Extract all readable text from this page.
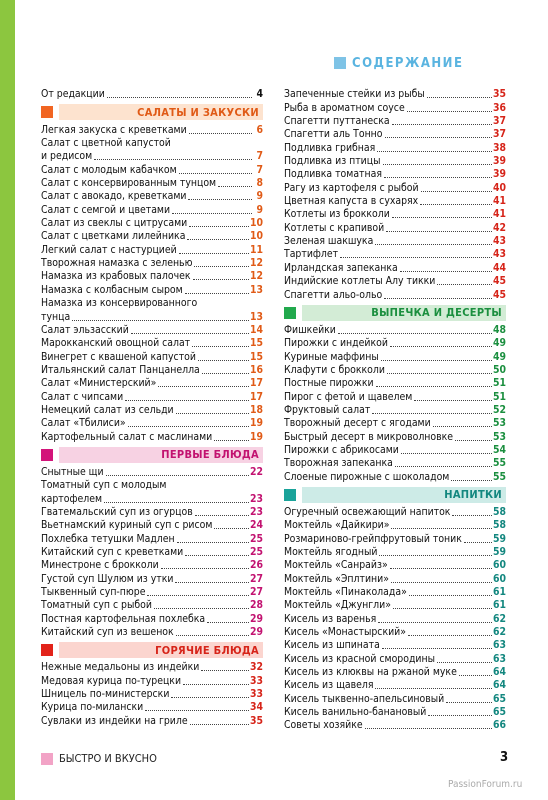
СОДЕРЖАНИЕ
От редакции	4
САЛАТЫ И ЗАКУСКИ
Легкая закуска с креветками	6
Салат с цветной капустой
и редисом	7
Салат с молодым кабачком	7
Салат с консервированным тунцом	8
Салат с авокадо, креветками	9
Салат с семгой и цветами	9
Салат из свеклы с цитрусами	10
Салат с цветками лилейника	10
Легкий салат с настурцией	11
Творожная намазка с зеленью	12
Намазка из крабовых палочек	12
Намазка с колбасным сыром	13
Намазка из консервированного
тунца	13
Салат эльзасский	14
Марокканский овощной салат	15
Винегрет с квашеной капустой	15
Итальянский салат Панцанелла	16
Салат «Министерский»	17
Салат с чипсами	17
Немецкий салат из сельди	18
Салат «Тбилиси»	19
Картофельный салат с маслинами	19
ПЕРВЫЕ БЛЮДА
Снытные щи	22
Томатный суп с молодым
картофелем	23
Гватемальский суп из огурцов	23
Вьетнамский куриный суп с рисом	24
Похлебка тетушки Мадлен	25
Китайский суп с креветками	25
Минестроне с брокколи	26
Густой суп Шулюм из утки	27
Тыквенный суп-пюре	27
Томатный суп с рыбой	28
Постная картофельная похлебка	29
Китайский суп из вешенок	29
ГОРЯЧИЕ БЛЮДА
Нежные медальоны из индейки	32
Медовая курица по-турецки	33
Шницель по-министерски	33
Курица по-милански	34
Сувлаки из индейки на гриле	35
Запеченные стейки из рыбы	35
Рыба в ароматном соусе	36
Спагетти путтанеска	37
Спагетти аль Тонно	37
Подливка грибная	38
Подливка из птицы	39
Подливка томатная	39
Рагу из картофеля с рыбой	40
Цветная капуста в сухарях	41
Котлеты из брокколи	41
Котлеты с крапивой	42
Зеленая шакшука	43
Тартифлет	43
Ирландская запеканка	44
Индийские котлеты Алу тикки	45
Спагетти альо-ольо	45
ВЫПЕЧКА И ДЕСЕРТЫ
Фишкейки	48
Пирожки с индейкой	49
Куриные маффины	49
Клафути с брокколи	50
Постные пирожки	51
Пирог с фетой и щавелем	51
Фруктовый салат	52
Творожный десерт с ягодами	53
Быстрый десерт в микроволновке	53
Пирожки с абрикосами	54
Творожная запеканка	55
Слоеные пирожные с шоколадом	55
НАПИТКИ
Огуречный освежающий напиток	58
Моктейль «Дайкири»	58
Розмариново-грейпфрутовый тоник	59
Моктейль ягодный	59
Моктейль «Санрайз»	60
Моктейль «Эплтини»	60
Моктейль «Пинаколада»	61
Моктейль «Джунгли»	61
Кисель из варенья	62
Кисель «Монастырский»	62
Кисель из шпината	63
Кисель из красной смородины	63
Кисель из клюквы на ржаной муке	64
Кисель из щавеля	64
Кисель тыквенно-апельсиновый	65
Кисель ванильно-банановый	65
Советы хозяйке	66
БЫСТРО И ВКУСНО	3
PassionForum.ru
